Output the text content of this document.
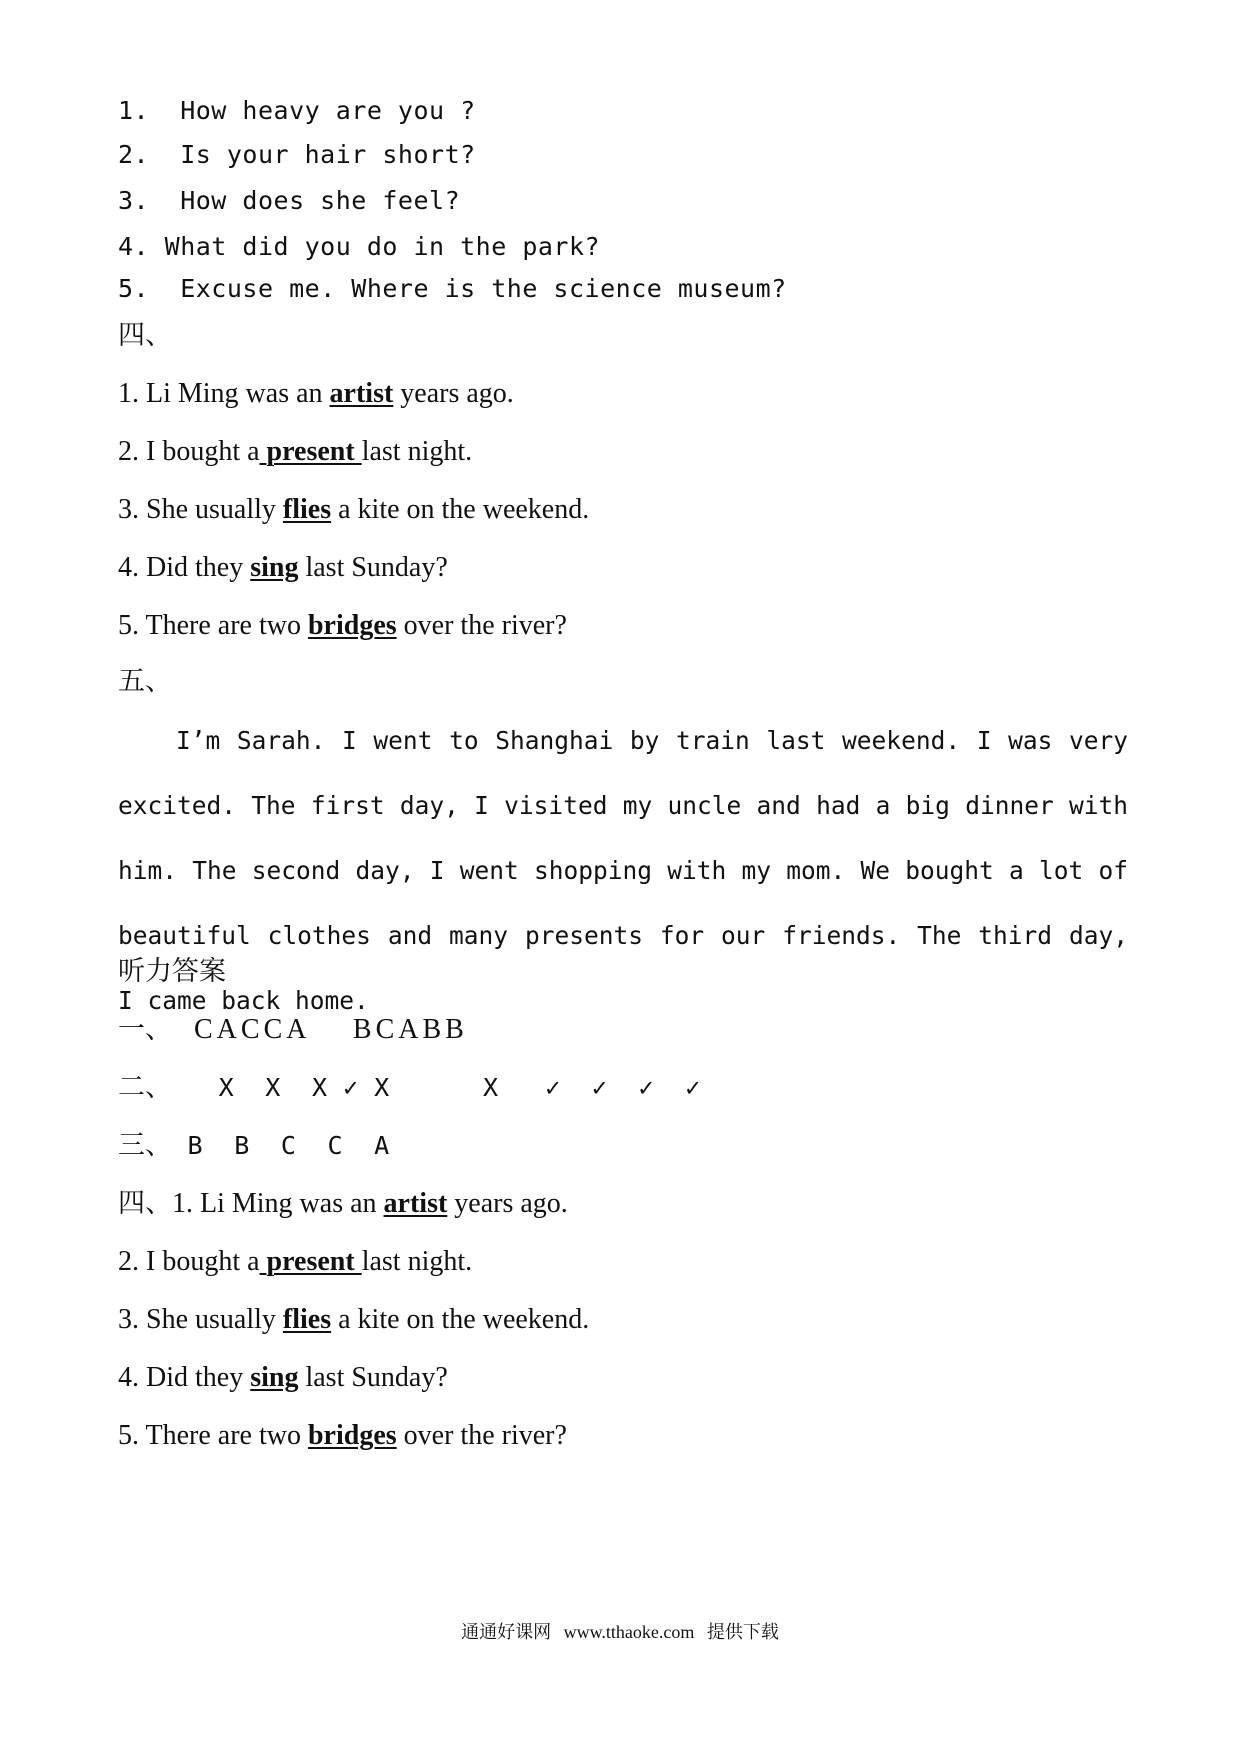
1.  How heavy are you ?
2.  Is your hair short?
3.  How does she feel?
4. What did you do in the park?
5.  Excuse me. Where is the science museum?
四、
1. Li Ming was an artist years ago.
2. I bought a present last night.
3. She usually flies a kite on the weekend.
4. Did they sing last Sunday?
5. There are two bridges over the river?
五、
I’m Sarah. I went to Shanghai by train last weekend. I was very excited. The first day, I visited my uncle and had a big dinner with him. The second day, I went shopping with my mom. We bought a lot of beautiful clothes and many presents for our friends. The third day, I came back home.
听力答案
一、  CACCA    BCABB
二、   X  X  X ✓ X      X   ✓  ✓  ✓  ✓
三、 B  B  C  C  A
四、1. Li Ming was an artist years ago.
2. I bought a present last night.
3. She usually flies a kite on the weekend.
4. Did they sing last Sunday?
5. There are two bridges over the river?
通通好课网 www.tthaoke.com 提供下载
